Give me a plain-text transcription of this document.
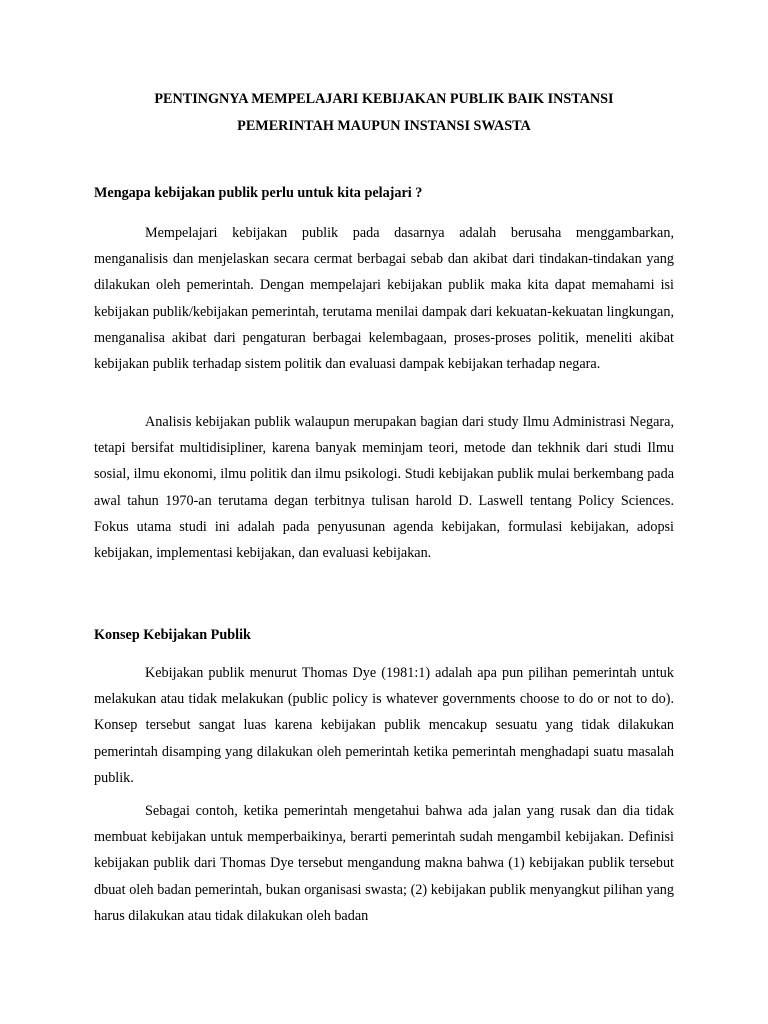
PENTINGNYA MEMPELAJARI KEBIJAKAN PUBLIK BAIK INSTANSI
PEMERINTAH MAUPUN INSTANSI SWASTA
Mengapa kebijakan publik perlu untuk kita pelajari ?

Mempelajari kebijakan publik pada dasarnya adalah berusaha menggambarkan, menganalisis dan menjelaskan secara cermat berbagai sebab dan akibat dari tindakan-tindakan yang dilakukan oleh pemerintah. Dengan mempelajari kebijakan publik maka kita dapat memahami isi kebijakan publik/kebijakan pemerintah, terutama menilai dampak dari kekuatan-kekuatan lingkungan, menganalisa akibat dari pengaturan berbagai kelembagaan, proses-proses politik, meneliti akibat kebijakan publik terhadap sistem politik dan evaluasi dampak kebijakan terhadap negara.

Analisis kebijakan publik walaupun merupakan bagian dari study Ilmu Administrasi Negara, tetapi bersifat multidisipliner, karena banyak meminjam teori, metode dan tekhnik dari studi Ilmu sosial, ilmu ekonomi, ilmu politik dan ilmu psikologi. Studi kebijakan publik mulai berkembang pada awal tahun 1970-an terutama degan terbitnya tulisan harold D. Laswell tentang Policy Sciences. Fokus utama studi ini adalah pada penyusunan agenda kebijakan, formulasi kebijakan, adopsi kebijakan, implementasi kebijakan, dan evaluasi kebijakan.

Konsep Kebijakan Publik

Kebijakan publik menurut Thomas Dye (1981:1) adalah apa pun pilihan pemerintah untuk melakukan atau tidak melakukan (public policy is whatever governments choose to do or not to do). Konsep tersebut sangat luas karena kebijakan publik mencakup sesuatu yang tidak dilakukan pemerintah disamping yang dilakukan oleh pemerintah ketika pemerintah menghadapi suatu masalah publik.

Sebagai contoh, ketika pemerintah mengetahui bahwa ada jalan yang rusak dan dia tidak membuat kebijakan untuk memperbaikinya, berarti pemerintah sudah mengambil kebijakan. Definisi kebijakan publik dari Thomas Dye tersebut mengandung makna bahwa (1) kebijakan publik tersebut dbuat oleh badan pemerintah, bukan organisasi swasta; (2) kebijakan publik menyangkut pilihan yang harus dilakukan atau tidak dilakukan oleh badan
